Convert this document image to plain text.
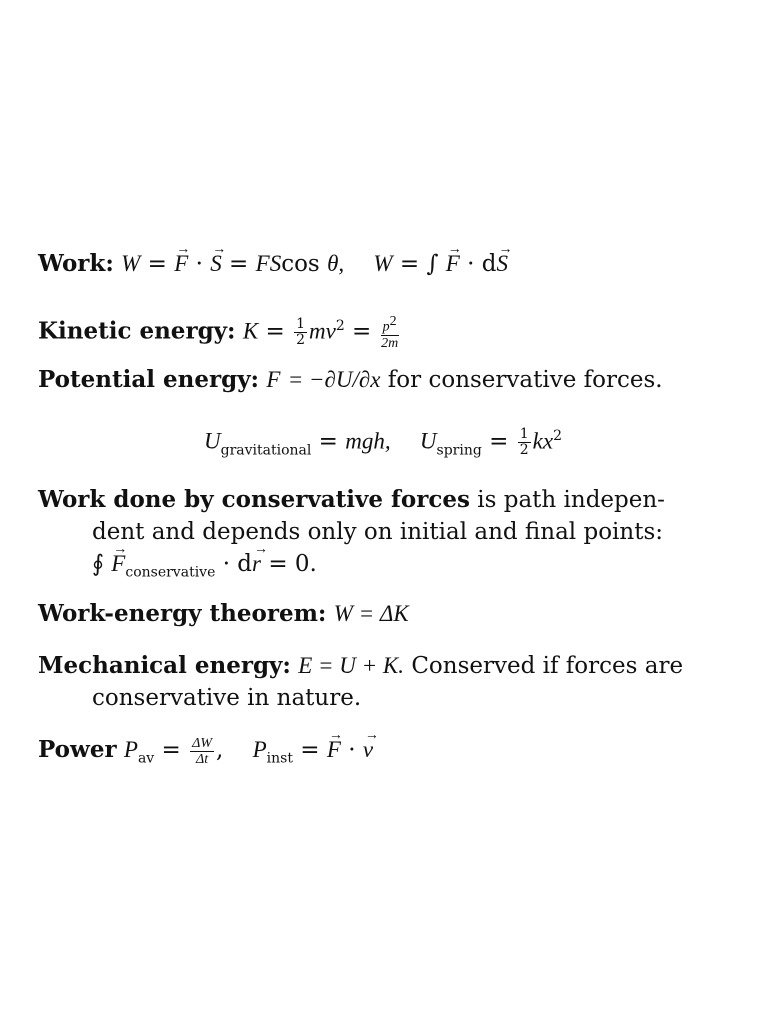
Work: W = → F · → S = FScos θ, W = ∫ → F · d→ S
Kinetic energy: $K = \frac{1}{2} mv^2 = \frac{p^2}{2m}$
Potential energy: F = −∂U/∂x for conservative forces.
$U_{gravitational}$ = mgh, $U_{spring} = \frac{1}{2} kx^2$
Work done by conservative forces is path indepen-
dent and depends only on initial and final points:
∮ → $F_{conservative} \cdot d\to r = 0$.
Work-energy theorem: W = ΔK
Mechanical energy: E = U + K. Conserved if forces are
conservative in nature.
Power $P_{av} = \frac{\Delta W}{\Delta t}$ , $P_{inst}$ = → F · → v
